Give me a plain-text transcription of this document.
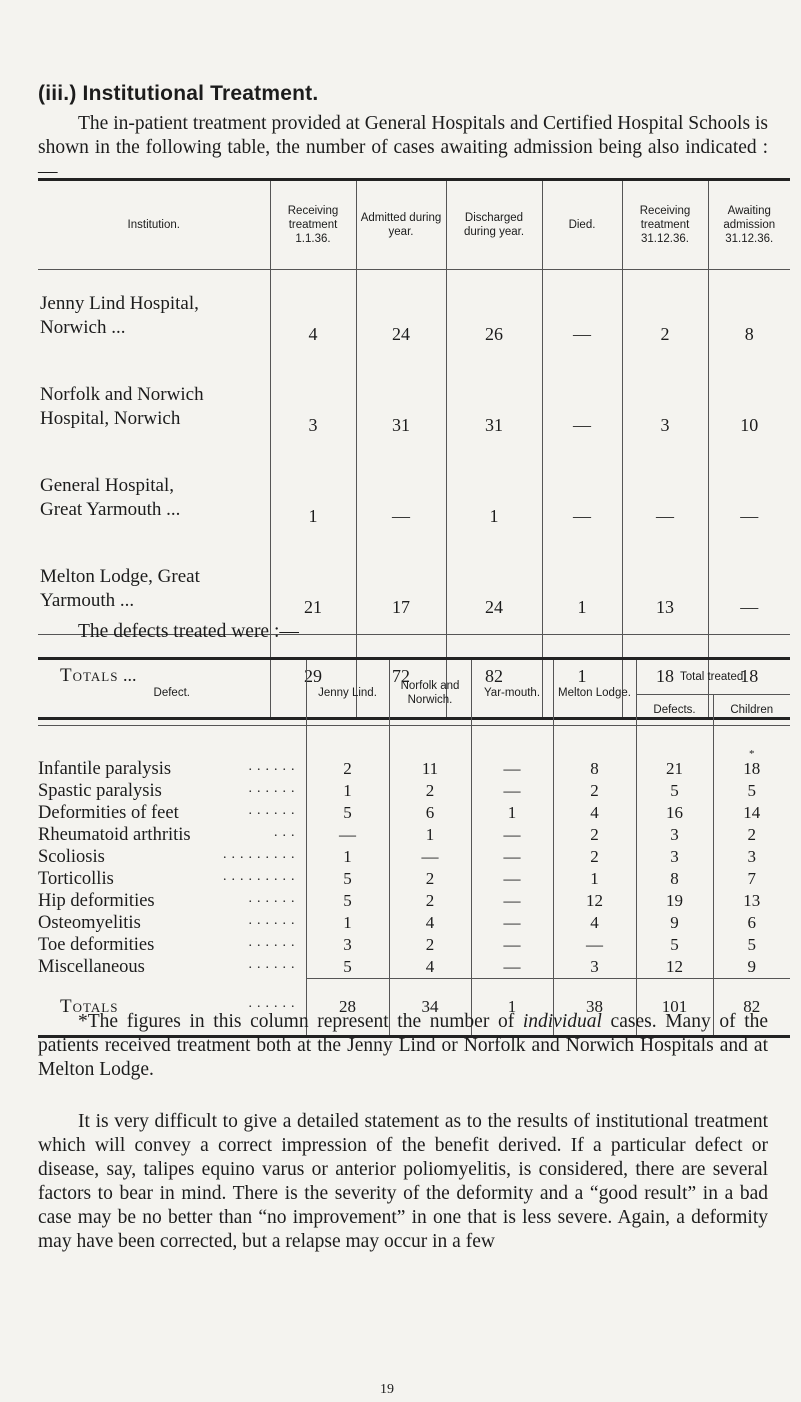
(iii.) Institutional Treatment.
The in-patient treatment provided at General Hospitals and Certified Hospital Schools is shown in the following table, the number of cases awaiting admission being also indicated :—
Institution.	Receiving treatment 1.1.36.	Admitted during year.	Discharged during year.	Died.	Receiving treatment 31.12.36.	Awaiting admission 31.12.36.
Jenny Lind Hospital,
Norwich ...	4	24	26	—	2	8
Norfolk and Norwich
Hospital, Norwich	3	31	31	—	3	10
General Hospital,
Great Yarmouth ...	1	—	1	—	—	—
Melton Lodge, Great
Yarmouth ...	21	17	24	1	13	—
Totals ...	29	72	82	1	18	18
The defects treated were :—
Defect.	Jenny Lind.	Norfolk and Norwich.	Yar-mouth.	Melton Lodge.	Total treated.	
					Defects.	Children

						*

Infantile paralysis ......	2	11	—	8	21	18
Spastic paralysis ......	1	2	—	2	5	5
Deformities of feet ......	5	6	1	4	16	14
Rheumatoid arthritis ...	—	1	—	2	3	2
Scoliosis .........	1	—	—	2	3	3
Torticollis .........	5	2	—	1	8	7
Hip deformities ......	5	2	—	12	19	13
Osteomyelitis ......	1	4	—	4	9	6
Toe deformities ......	3	2	—	—	5	5
Miscellaneous ......	5	4	—	3	12	9
Totals ......	28	34	1	38	101	82
*The figures in this column represent the number of individual cases. Many of the patients received treatment both at the Jenny Lind or Norfolk and Norwich Hospitals and at Melton Lodge.
It is very difficult to give a detailed statement as to the results of institutional treatment which will convey a correct impression of the benefit derived. If a particular defect or disease, say, talipes equino varus or anterior poliomyelitis, is considered, there are several factors to bear in mind. There is the severity of the deformity and a “good result” in a bad case may be no better than “no improvement” in one that is less severe. Again, a deformity may have been corrected, but a relapse may occur in a few
19
